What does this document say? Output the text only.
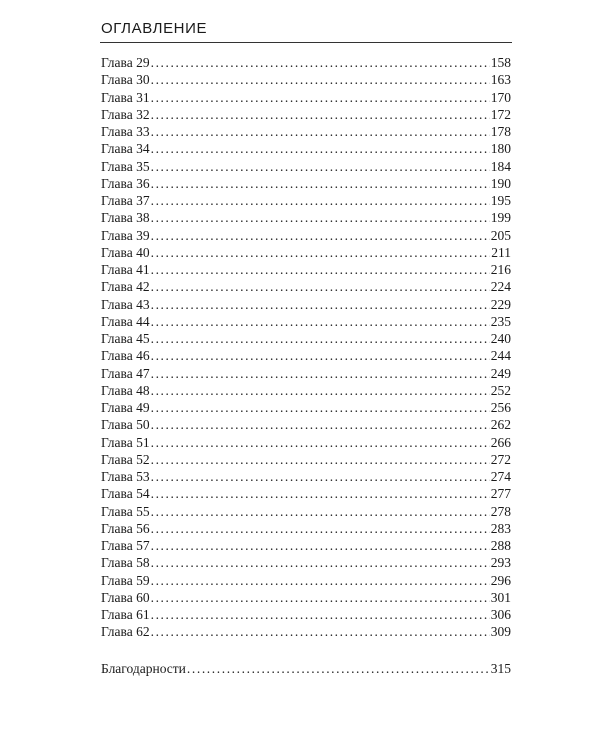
ОГЛАВЛЕНИЕ
Глава 29 .....	158
Глава 30 .....	163
Глава 31 .....	170
Глава 32 .....	172
Глава 33 .....	178
Глава 34 .....	180
Глава 35 .....	184
Глава 36 .....	190
Глава 37 .....	195
Глава 38 .....	199
Глава 39 .....	205
Глава 40 .....	211
Глава 41 .....	216
Глава 42 .....	224
Глава 43 .....	229
Глава 44 .....	235
Глава 45 .....	240
Глава 46 .....	244
Глава 47 .....	249
Глава 48 .....	252
Глава 49 .....	256
Глава 50 .....	262
Глава 51 .....	266
Глава 52 .....	272
Глава 53 .....	274
Глава 54 .....	277
Глава 55 .....	278
Глава 56 .....	283
Глава 57 .....	288
Глава 58 .....	293
Глава 59 .....	296
Глава 60 .....	301
Глава 61 .....	306
Глава 62 .....	309
Благодарности .....	315
